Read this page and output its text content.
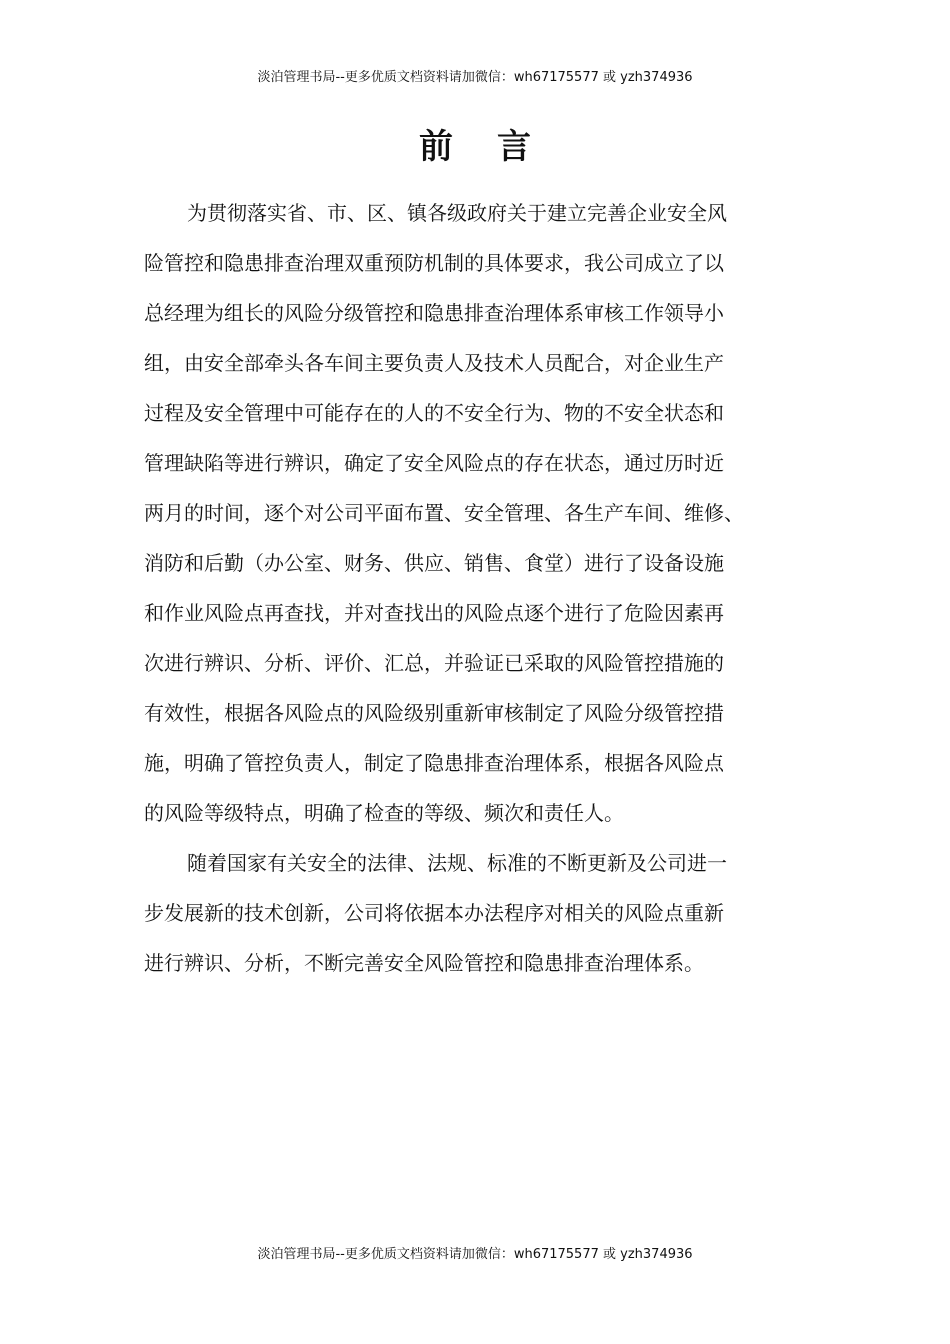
淡泊管理书局--更多优质文档资料请加微信：wh67175577 或 yzh374936
前言
为贯彻落实省、市、区、镇各级政府关于建立完善企业安全风
险管控和隐患排查治理双重预防机制的具体要求，我公司成立了以
总经理为组长的风险分级管控和隐患排查治理体系审核工作领导小
组，由安全部牵头各车间主要负责人及技术人员配合，对企业生产
过程及安全管理中可能存在的人的不安全行为、物的不安全状态和
管理缺陷等进行辨识，确定了安全风险点的存在状态，通过历时近
两月的时间，逐个对公司平面布置、安全管理、各生产车间、维修、
消防和后勤（办公室、财务、供应、销售、食堂）进行了设备设施
和作业风险点再查找，并对查找出的风险点逐个进行了危险因素再
次进行辨识、分析、评价、汇总，并验证已采取的风险管控措施的
有效性，根据各风险点的风险级别重新审核制定了风险分级管控措
施，明确了管控负责人，制定了隐患排查治理体系，根据各风险点
的风险等级特点，明确了检查的等级、频次和责任人。
随着国家有关安全的法律、法规、标准的不断更新及公司进一
步发展新的技术创新，公司将依据本办法程序对相关的风险点重新
进行辨识、分析，不断完善安全风险管控和隐患排查治理体系。
淡泊管理书局--更多优质文档资料请加微信：wh67175577 或 yzh374936
